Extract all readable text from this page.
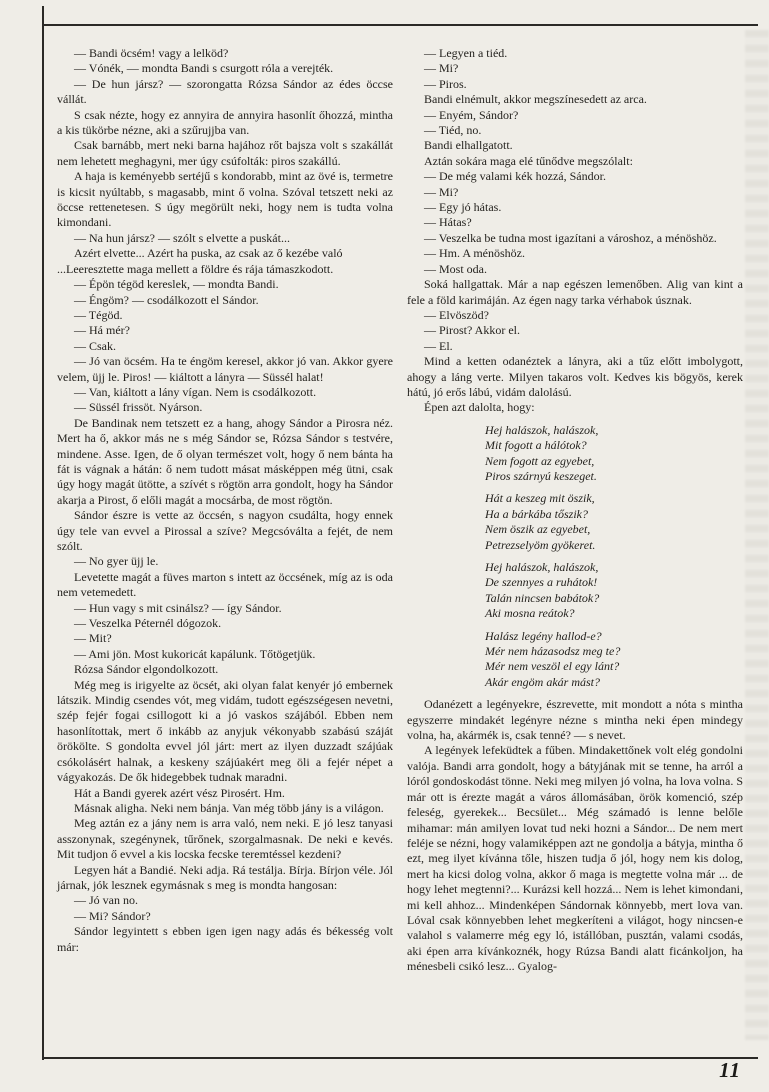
— Bandi öcsém! vagy a lelköd?

— Vónék, — mondta Bandi s csurgott róla a verejték.

— De hun jársz? — szorongatta Rózsa Sándor az édes öccse vállát.

S csak nézte, hogy ez annyira de annyira hasonlít őhozzá, mintha a kis tükörbe nézne, aki a szűrujjba van.

Csak barnább, mert neki barna hajához rőt bajsza volt s szakállát nem lehetett meghagyni, mer úgy csúfolták: piros szakállú.

A haja is keményebb sertéjű s kondorabb, mint az övé is, termetre is kicsit nyúltabb, s magasabb, mint ő volna. Szóval tetszett neki az öccse rettenetesen. S úgy megörült neki, hogy nem is tudta volna kimondani.

— Na hun jársz? — szólt s elvette a puskát...

Azért elvette... Azért ha puska, az csak az ő kezébe való

...Leeresztette maga mellett a földre és rája támaszkodott.

— Épön tégöd kereslek, — mondta Bandi.

— Éngöm? — csodálkozott el Sándor.

— Tégöd.

— Há mér?

— Csak.

— Jó van öcsém. Ha te éngöm keresel, akkor jó van. Akkor gyere velem, üjj le. Piros! — kiáltott a lányra — Süssél halat!

— Van, kiáltott a lány vígan. Nem is csodálkozott.

— Süssél frissöt. Nyárson.

De Bandinak nem tetszett ez a hang, ahogy Sándor a Pirosra néz. Mert ha ő, akkor más ne s még Sándor se, Rózsa Sándor s testvére, mindene. Asse. Igen, de ő olyan természet volt, hogy ő nem bánta ha fát is vágnak a hátán: ő nem tudott másat másképpen még ütni, csak úgy hogy magát ütötte, a szívét s rögtön arra gondolt, hogy ha Sándor akarja a Pirost, ő előli magát a mocsárba, de most rögtön.

Sándor észre is vette az öccsén, s nagyon csudálta, hogy ennek úgy tele van evvel a Pirossal a szíve? Megcsóválta a fejét, de nem szólt.

— No gyer üjj le.

Levetette magát a füves marton s intett az öccsének, míg az is oda nem vetemedett.

— Hun vagy s mit csinálsz? — így Sándor.

— Veszelka Péternél dógozok.

— Mit?

— Ami jön. Most kukoricát kapálunk. Tőtögetjük.

Rózsa Sándor elgondolkozott.

Még meg is irigyelte az öcsét, aki olyan falat kenyér jó embernek látszik. Mindig csendes vót, meg vidám, tudott egészségesen nevetni, szép fejér fogai csillogott ki a jó vaskos szájából. Ebben nem hasonlítottak, mert ő inkább az anyjuk vékonyabb szabású száját örökölte. S gondolta evvel jól járt: mert az ilyen duzzadt szájúak csókolásért halnak, a keskeny szájúakért meg öli a fejér népet a vágyakozás. De ők hidegebbek tudnak maradni.

Hát a Bandi gyerek azért vész Pirosért. Hm.

Másnak aligha. Neki nem bánja. Van még több jány is a világon.

Meg aztán ez a jány nem is arra való, nem neki. E jó lesz tanyasi asszonynak, szegénynek, tűrőnek, szorgalmasnak. De neki e kevés. Mit tudjon ő evvel a kis locska fecske teremtéssel kezdeni?

Legyen hát a Bandié. Neki adja. Rá testálja. Bírja. Bírjon véle. Jól járnak, jók lesznek egymásnak s meg is mondta hangosan:

— Jó van no.

— Mi? Sándor?

Sándor legyintett s ebben igen igen nagy adás és békesség volt már:

— Legyen a tiéd.

— Mi?

— Piros.

Bandi elnémult, akkor megszínesedett az arca.

— Enyém, Sándor?

— Tiéd, no.

Bandi elhallgatott.

Aztán sokára maga elé tűnődve megszólalt:

— De még valami kék hozzá, Sándor.

— Mi?

— Egy jó hátas.

— Hátas?

— Veszelka be tudna most igazítani a városhoz, a ménöshöz.

— Hm. A ménöshöz.

— Most oda.

Soká hallgattak. Már a nap egészen lemenőben. Alig van kint a fele a föld karimáján. Az égen nagy tarka vérhabok úsznak.

— Elvöszöd?

— Pirost? Akkor el.

— El.

Mind a ketten odanéztek a lányra, aki a tűz előtt imbolygott, ahogy a láng verte. Milyen takaros volt. Kedves kis bögyös, kerek hátú, jó erős lábú, vidám dalolású.

Épen azt dalolta, hogy:

Hej halászok, halászok,
Mit fogott a hálótok?
Nem fogott az egyebet,
Piros szárnyú keszeget.
Hát a keszeg mit öszik,
Ha a bárkába tőszik?
Nem öszik az egyebet,
Petrezselyöm gyökeret.
Hej halászok, halászok,
De szennyes a ruhátok!
Talán nincsen babátok?
Aki mosna reátok?
Halász legény hallod-e?
Mér nem házasodsz meg te?
Mér nem veszöl el egy lánt?
Akár engöm akár mást?

Odanézett a legényekre, észrevette, mit mondott a nóta s mintha egyszerre mindakét legényre nézne s mintha neki épen mindegy volna, ha, akármék is, csak tenné? — s nevet.

A legények lefeküdtek a fűben. Mindakettőnek volt elég gondolni valója. Bandi arra gondolt, hogy a bátyjának mit se tenne, ha arról a lóról gondoskodást tönne. Neki meg milyen jó volna, ha lova volna. S már ott is érezte magát a város állomásában, örök komenció, szép feleség, gyerekek... Becsület... Még számadó is lenne belőle mihamar: mán amilyen lovat tud neki hozni a Sándor... De nem mert feléje se nézni, hogy valamiképpen azt ne gondolja a bátyja, mintha ő ezt, meg ilyet kívánna tőle, hiszen tudja ő jól, hogy nem kis dolog, mert ha kicsi dolog volna, akkor ő maga is megtette volna már ... de hogy lehet megtenni?... Kurázsi kell hozzá... Nem is lehet kimondani, mi kell ahhoz... Mindenképen Sándornak könnyebb, mert lova van. Lóval csak könnyebben lehet megkeríteni a világot, hogy nincsen-e valahol s valamerre még egy ló, istállóban, pusztán, valami csodás, aki épen arra kívánkoznék, hogy Rúzsa Bandi alatt ficánkoljon, ha ménesbeli csikó lesz... Gyalog-

11
